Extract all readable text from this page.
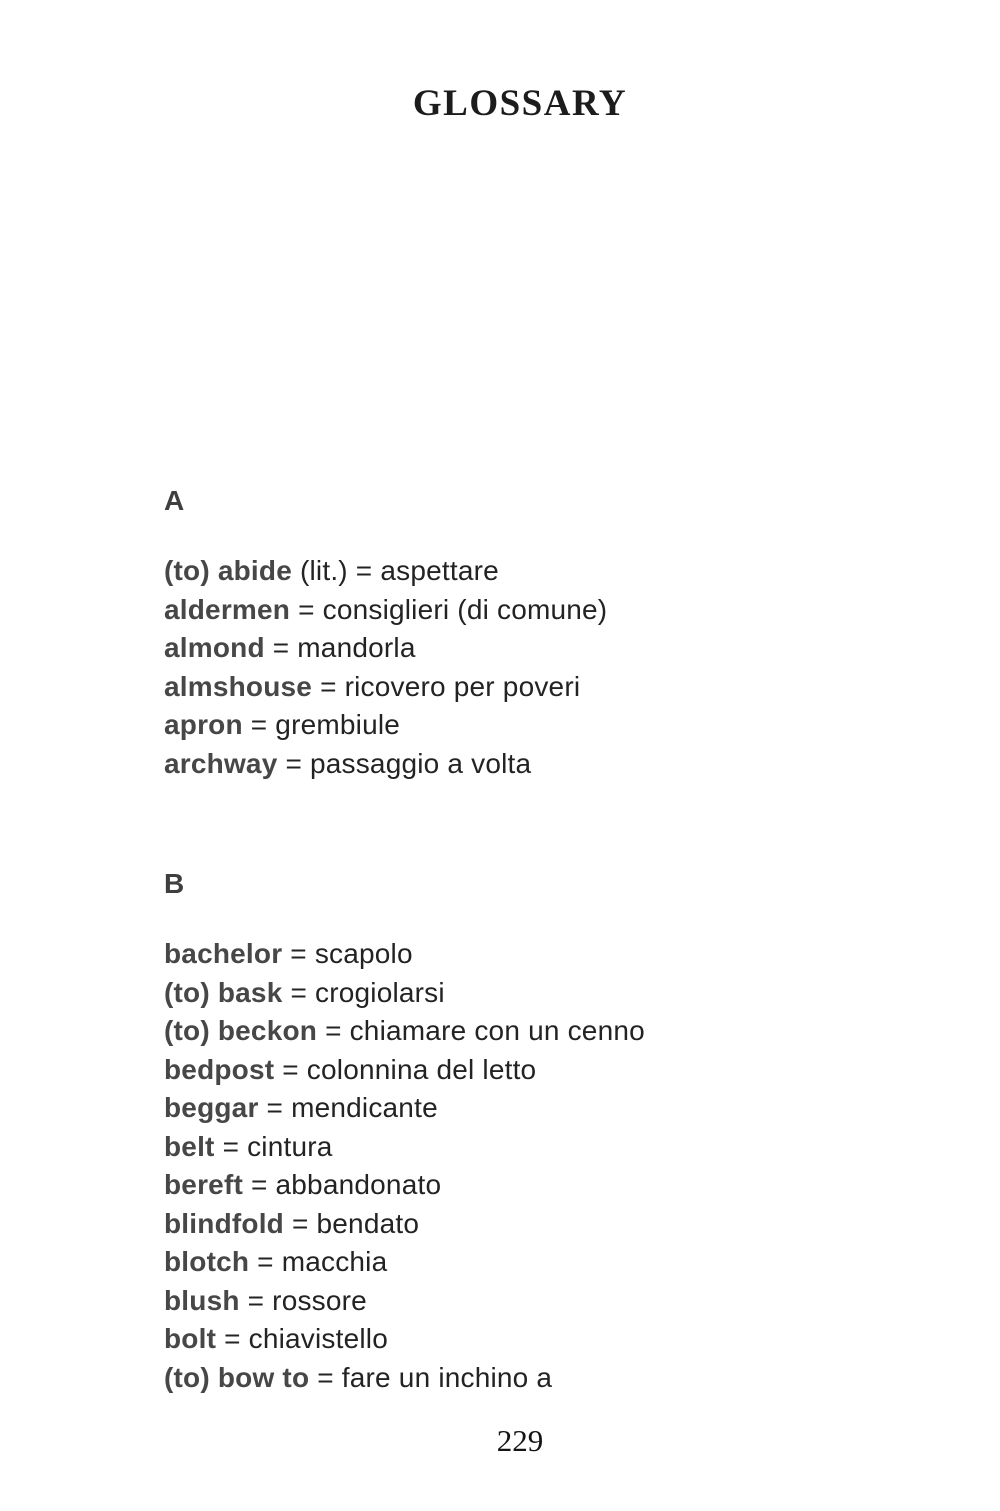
GLOSSARY
A
(to) abide (lit.) = aspettare
aldermen = consiglieri (di comune)
almond = mandorla
almshouse = ricovero per poveri
apron = grembiule
archway = passaggio a volta
B
bachelor = scapolo
(to) bask = crogiolarsi
(to) beckon = chiamare con un cenno
bedpost = colonnina del letto
beggar = mendicante
belt = cintura
bereft = abbandonato
blindfold = bendato
blotch = macchia
blush = rossore
bolt = chiavistello
(to) bow to = fare un inchino a
229
